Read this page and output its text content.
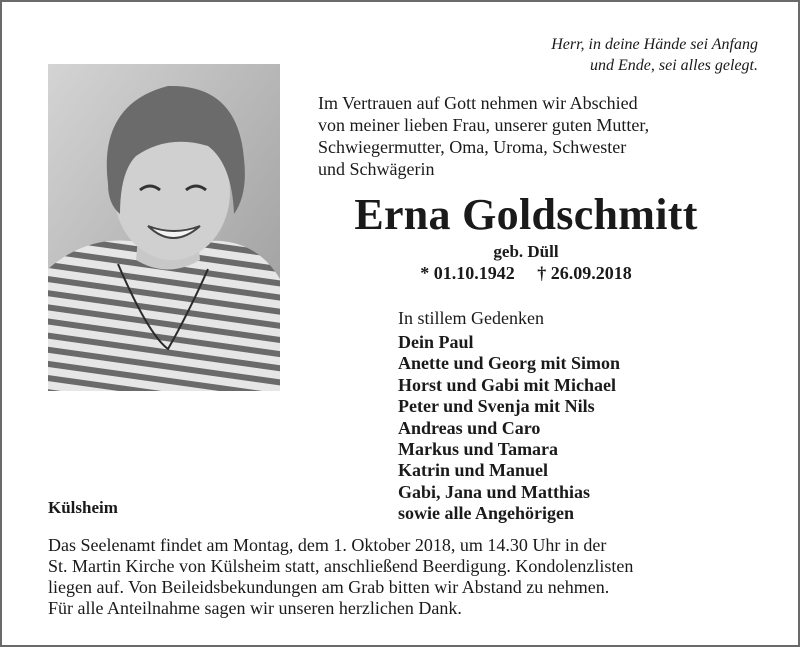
Herr, in deine Hände sei Anfang
und Ende, sei alles gelegt.

Im Vertrauen auf Gott nehmen wir Abschied
von meiner lieben Frau, unserer guten Mutter,
Schwiegermutter, Oma, Uroma, Schwester
und Schwägerin

Erna Goldschmitt

geb. Düll

* 01.10.1942 † 26.09.2018

In stillem Gedenken

Dein Paul
Anette und Georg mit Simon
Horst und Gabi mit Michael
Peter und Svenja mit Nils
Andreas und Caro
Markus und Tamara
Katrin und Manuel
Gabi, Jana und Matthias
sowie alle Angehörigen

Külsheim

Das Seelenamt findet am Montag, dem 1. Oktober 2018, um 14.30 Uhr in der
St. Martin Kirche von Külsheim statt, anschließend Beerdigung. Kondolenzlisten
liegen auf. Von Beileidsbekundungen am Grab bitten wir Abstand zu nehmen.
Für alle Anteilnahme sagen wir unseren herzlichen Dank.
